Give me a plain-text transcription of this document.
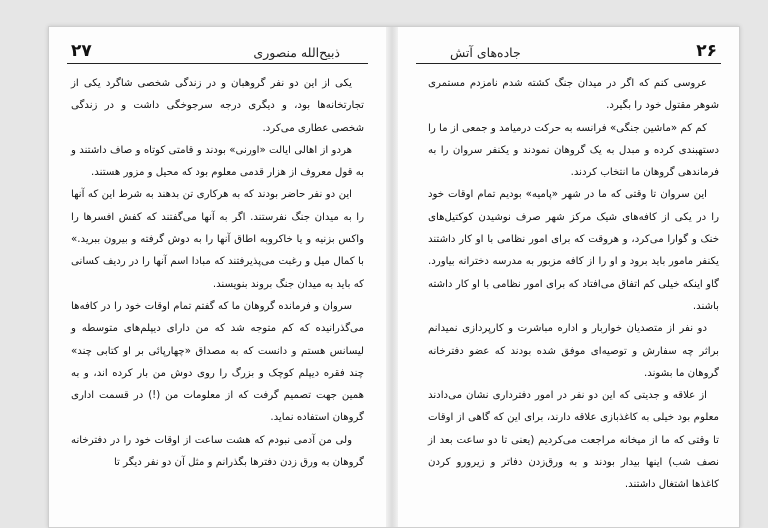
۲۷	ذبیح‌الله منصوری

یکی از این دو نفر گروهبان و در زندگی شخصی شاگرد یکی از تجارتخانه‌ها بود، و دیگری درجه سرجوخگی داشت و در زندگی شخصی عطاری می‌کرد.

هردو از اهالی ایالت «اورنی» بودند و قامتی کوتاه و صاف داشتند و به قول معروف از هزار قدمی معلوم بود که محیل و مزور هستند.

این دو نفر حاضر بودند که به هرکاری تن بدهند به شرط این که آنها را به میدان جنگ نفرستند. اگر به آنها می‌گفتند که کفش افسرها را واکس بزنیه و یا خاکروبه اطاق آنها را به دوش گرفته و بیرون ببرید.» با کمال میل و رغبت می‌پذیرفتند که مبادا اسم آنها را در ردیف کسانی که باید به میدان جنگ بروند بنویسند.

سروان و فرمانده گروهان ما که گفتم تمام اوقات خود را در کافه‌ها می‌گذرانیده که کم متوجه شد که من دارای دیپلم‌های متوسطه و لیسانس هستم و دانست که به مصداق «چهارپائی بر او کتابی چند» چند فقره دیپلم کوچک و بزرگ را روی دوش من بار کرده اند، و به همین جهت تصمیم گرفت که از معلومات من (!) در قسمت اداری گروهان استفاده نماید.

ولی من آدمی نبودم که هشت ساعت از اوقات خود را در دفترخانه گروهان به ورق زدن دفترها بگذرانم و مثل آن دو نفر دیگر تا

۲۶
جاده‌های آتش

عروسی کنم که اگر در میدان جنگ کشته شدم نامزدم مستمری شوهر مقتول خود را بگیرد.

کم کم «ماشین جنگی» فرانسه به حرکت درمیامد و جمعی از ما را دستهبندی کرده و مبدل به یک گروهان نمودند و یکنفر سروان را به فرماندهی گروهان ما انتخاب کردند.

این سروان تا وقتی که ما در شهر «پامیه» بودیم تمام اوقات خود را در یکی از کافه‌های شیک مرکز شهر صرف نوشیدن کوکتیل‌های خنک و گوارا می‌کرد، و هروقت که برای امور نظامی با او کار داشتند یکنفر مامور باید برود و او را از کافه مزبور به مدرسه دخترانه بیاورد. گاو اینکه خیلی کم اتفاق می‌افتاد که برای امور نظامی با او کار داشته باشند.

دو نفر از متصدیان خواربار و اداره مباشرت و کارپردازی نمیدانم براثر چه سفارش و توصیه‌ای موفق شده بودند که عضو دفترخانه گروهان ما بشوند.

از علاقه و جدیتی که این دو نفر در امور دفترداری نشان می‌دادند معلوم بود خیلی به کاغذبازی علاقه دارند، برای این که گاهی از اوقات تا وقتی که ما از میخانه مراجعت می‌کردیم (یعنی تا دو ساعت بعد از نصف شب) اینها بیدار بودند و به ورق‌زدن دفاتر و زیرورو کردن کاغذها اشتغال داشتند.
